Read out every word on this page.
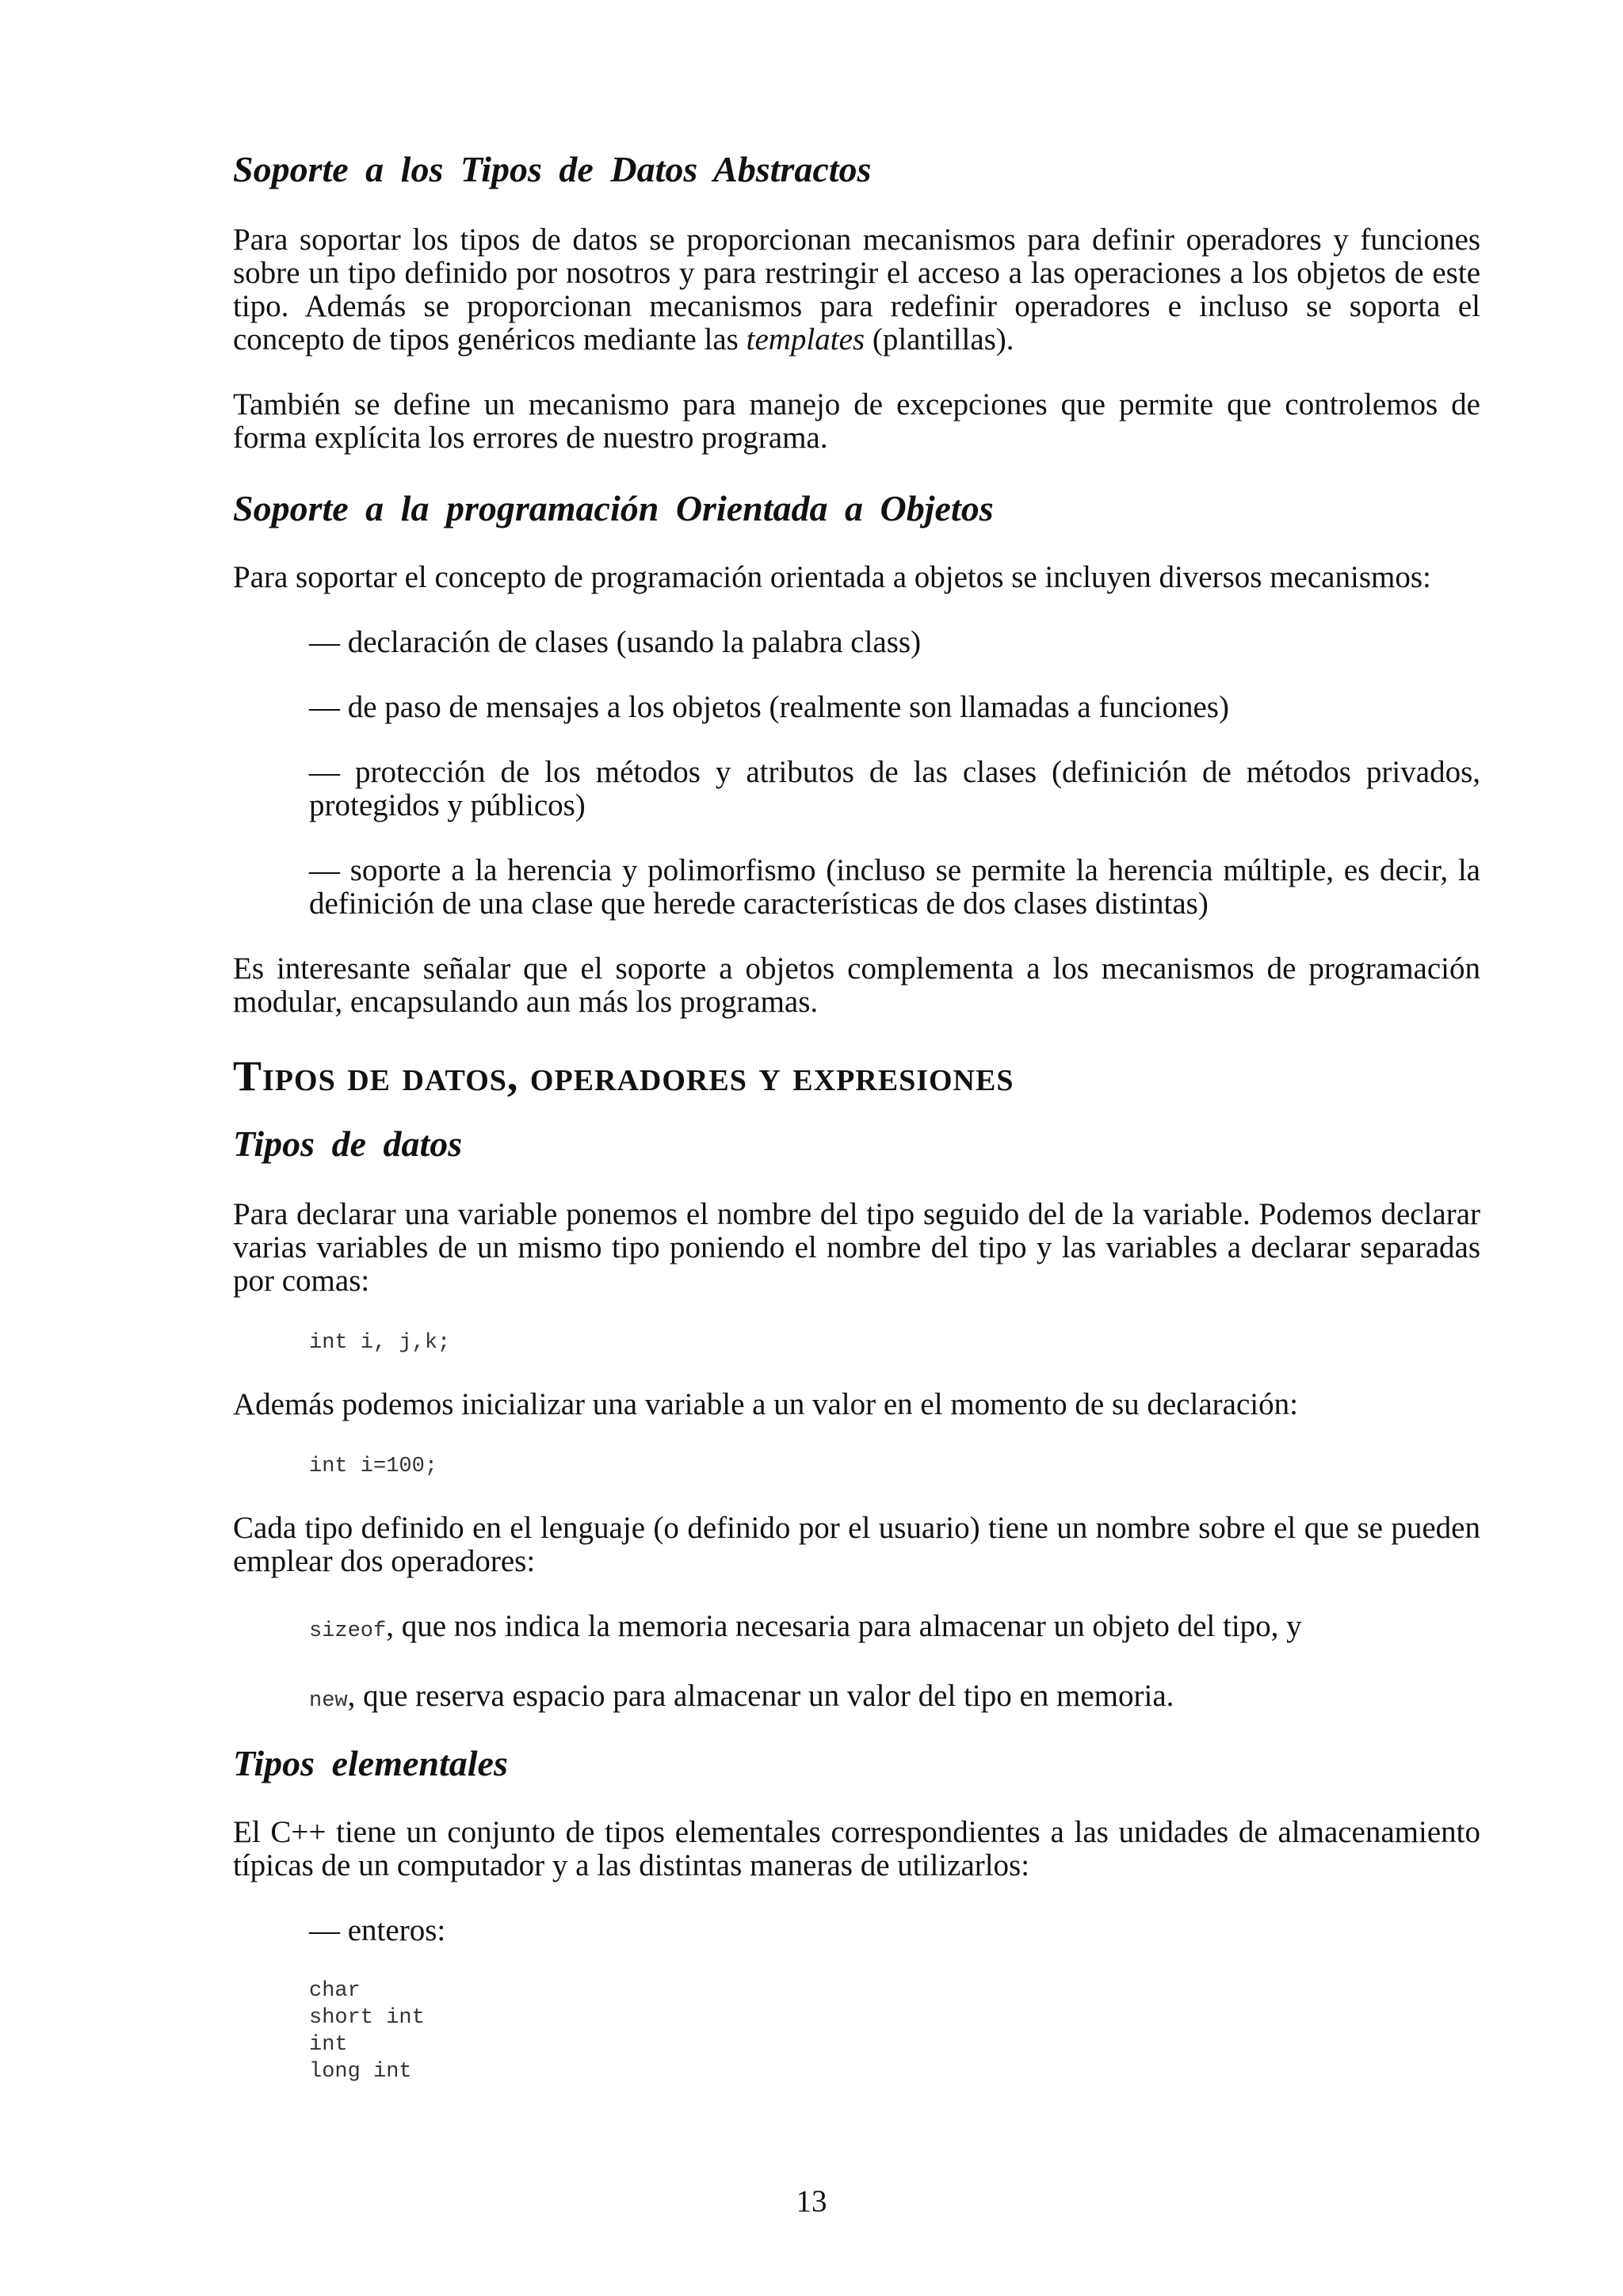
Soporte a los Tipos de Datos Abstractos

Para soportar los tipos de datos se proporcionan mecanismos para definir operadores y funciones sobre un tipo definido por nosotros y para restringir el acceso a las operaciones a los objetos de este tipo. Además se proporcionan mecanismos para redefinir operadores e incluso se soporta el concepto de tipos genéricos mediante las templates (plantillas).

También se define un mecanismo para manejo de excepciones que permite que controlemos de forma explícita los errores de nuestro programa.

Soporte a la programación Orientada a Objetos

Para soportar el concepto de programación orientada a objetos se incluyen diversos mecanismos:

— declaración de clases (usando la palabra class)

— de paso de mensajes a los objetos (realmente son llamadas a funciones)

— protección de los métodos y atributos de las clases (definición de métodos privados, protegidos y públicos)

— soporte a la herencia y polimorfismo (incluso se permite la herencia múltiple, es decir, la definición de una clase que herede características de dos clases distintas)

Es interesante señalar que el soporte a objetos complementa a los mecanismos de programación modular, encapsulando aun más los programas.

Tipos de datos, operadores y expresiones
Tipos de datos

Para declarar una variable ponemos el nombre del tipo seguido del de la variable. Podemos declarar varias variables de un mismo tipo poniendo el nombre del tipo y las variables a declarar separadas por comas:

int i, j,k;

Además podemos inicializar una variable a un valor en el momento de su declaración:

int i=100;

Cada tipo definido en el lenguaje (o definido por el usuario) tiene un nombre sobre el que se pueden emplear dos operadores:

sizeof, que nos indica la memoria necesaria para almacenar un objeto del tipo, y

new, que reserva espacio para almacenar un valor del tipo en memoria.

Tipos elementales

El C++ tiene un conjunto de tipos elementales correspondientes a las unidades de almacenamiento típicas de un computador y a las distintas maneras de utilizarlos:

— enteros:

char
short int
int
long int
13
